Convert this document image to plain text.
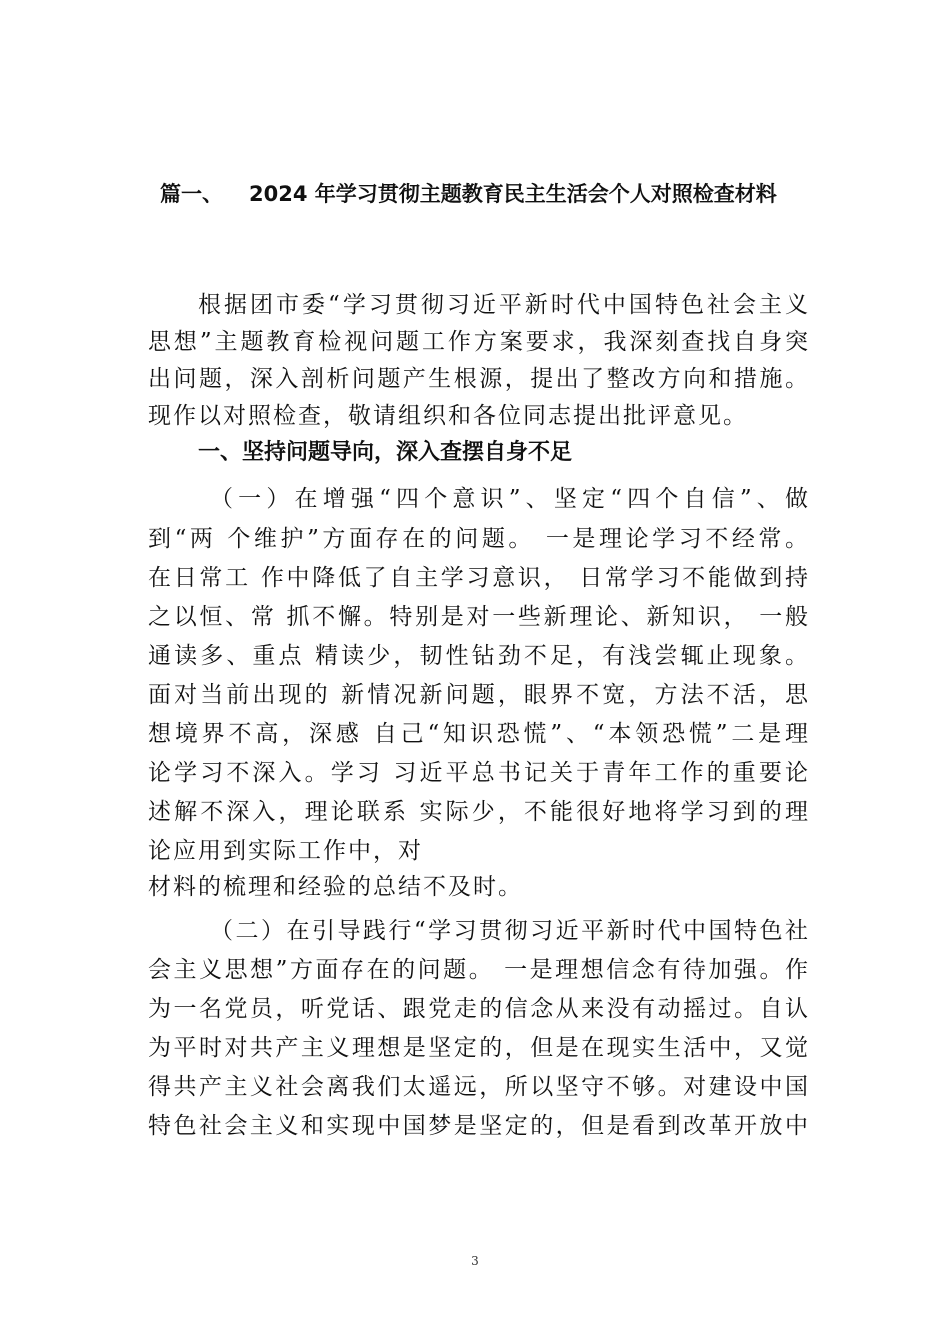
篇一、 2024 年学习贯彻主题教育民主生活会个人对照检查材料
根据团市委“学习贯彻习近平新时代中国特色社会主义
思想”主题教育检视问题工作方案要求，我深刻查找自身突
出问题，深入剖析问题产生根源，提出了整改方向和措施。
现作以对照检查，敬请组织和各位同志提出批评意见。
一、坚持问题导向，深入查摆自身不足
（一）在增强“四个意识”、坚定“四个自信”、做
到“两 个维护”方面存在的问题。 一是理论学习不经常。
在日常工 作中降低了自主学习意识， 日常学习不能做到持
之以恒、常 抓不懈。特别是对一些新理论、新知识， 一般
通读多、重点 精读少，韧性钻劲不足，有浅尝辄止现象。
面对当前出现的 新情况新问题，眼界不宽，方法不活，思
想境界不高，深感 自己“知识恐慌”、“本领恐慌”二是理
论学习不深入。学习 习近平总书记关于青年工作的重要论
述解不深入，理论联系 实际少，不能很好地将学习到的理
论应用到实际工作中，对
材料的梳理和经验的总结不及时。
（二）在引导践行“学习贯彻习近平新时代中国特色社
会主义思想”方面存在的问题。 一是理想信念有待加强。作
为一名党员，听党话、跟党走的信念从来没有动摇过。自认
为平时对共产主义理想是坚定的，但是在现实生活中，又觉
得共产主义社会离我们太遥远，所以坚守不够。对建设中国
特色社会主义和实现中国梦是坚定的，但是看到改革开放中
3
